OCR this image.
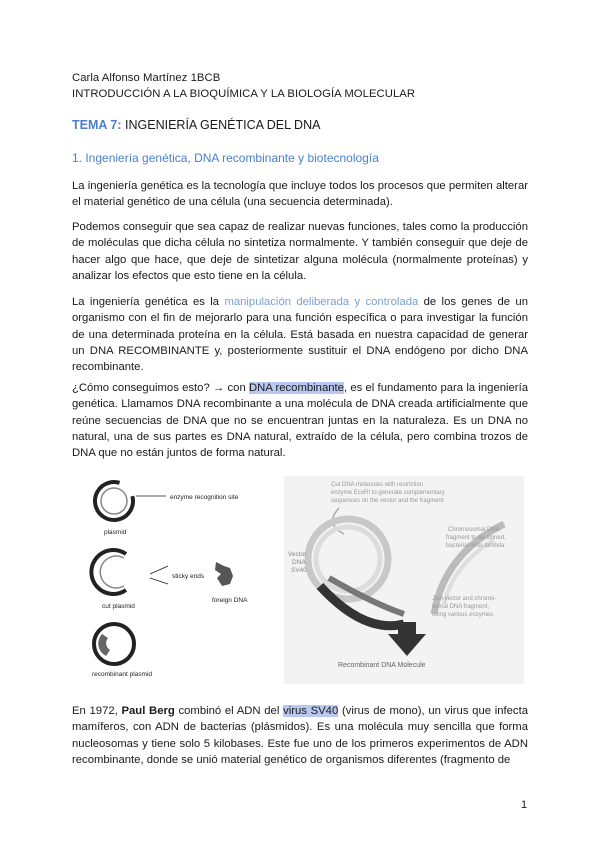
Carla Alfonso Martínez 1BCB
INTRODUCCIÓN A LA BIOQUÍMICA Y LA BIOLOGÍA MOLECULAR
TEMA 7: INGENIERÍA GENÉTICA DEL DNA
1. Ingeniería genética, DNA recombinante y biotecnología
La ingeniería genética es la tecnología que incluye todos los procesos que permiten alterar el material genético de una célula (una secuencia determinada).
Podemos conseguir que sea capaz de realizar nuevas funciones, tales como la producción de moléculas que dicha célula no sintetiza normalmente. Y también conseguir que deje de hacer algo que hace, que deje de sintetizar alguna molécula (normalmente proteínas) y analizar los efectos que esto tiene en la célula.
La ingeniería genética es la manipulación deliberada y controlada de los genes de un organismo con el fin de mejorarlo para una función específica o para investigar la función de una determinada proteína en la célula. Está basada en nuestra capacidad de generar un DNA RECOMBINANTE y, posteriormente sustituir el DNA endógeno por dicho DNA recombinante.
¿Cómo conseguimos esto? → con DNA recombinante, es el fundamento para la ingeniería genética. Llamamos DNA recombinante a una molécula de DNA creada artificialmente que reúne secuencias de DNA que no se encuentran juntas en la naturaleza. Es un DNA no natural, una de sus partes es DNA natural, extraído de la célula, pero combina trozos de DNA que no están juntos de forma natural.
enzyme recognition site
plasmid
sticky ends
cut plasmid
foreign DNA
recombinant plasmid
Cut DNA molecules with restriction
enzyme EcoRI to generate complementary
sequences on the vector and the fragment.
Vector
DNA
SV40
Chromosomal DNA
fragment to be cloned,
bacterial virus lambda
Join vector and chromo-
somal DNA fragment,
using various enzymes
Recombinant DNA Molecule
En 1972, Paul Berg combinó el ADN del virus SV40 (virus de mono), un virus que infecta mamíferos, con ADN de bacterias (plásmidos). Es una molécula muy sencilla que forma nucleosomas y tiene solo 5 kilobases. Este fue uno de los primeros experimentos de ADN recombinante, donde se unió material genético de organismos diferentes (fragmento de
1
